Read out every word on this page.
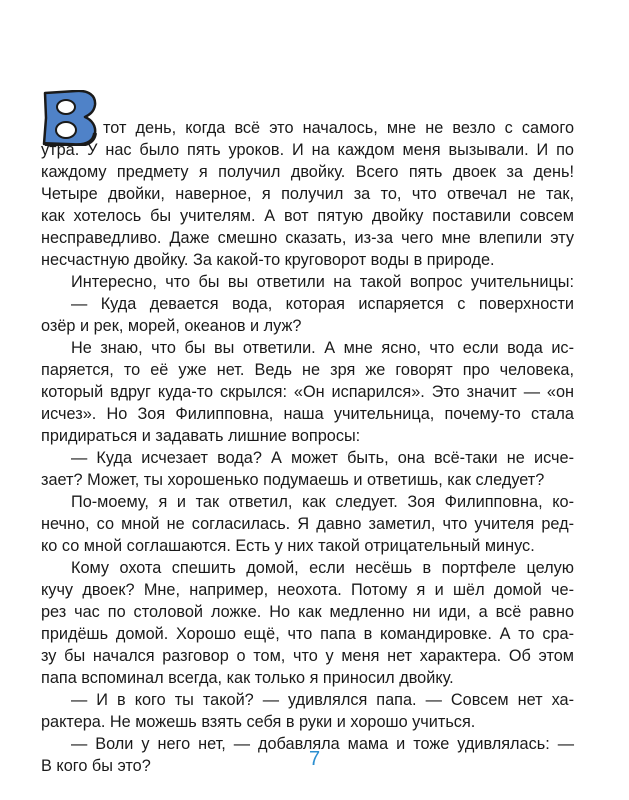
тот день, когда всё это началось, мне не везло с самого
утра. У нас было пять уроков. И на каждом меня вызывали. И по
каждому предмету я получил двойку. Всего пять двоек за день!
Четыре двойки, наверное, я получил за то, что отвечал не так,
как хотелось бы учителям. А вот пятую двойку поставили совсем
несправедливо. Даже смешно сказать, из-за чего мне влепили эту
несчастную двойку. За какой-то круговорот воды в природе.
Интересно, что бы вы ответили на такой вопрос учительницы:
— Куда девается вода, которая испаряется с поверхности
озёр и рек, морей, океанов и луж?
Не знаю, что бы вы ответили. А мне ясно, что если вода ис-
паряется, то её уже нет. Ведь не зря же говорят про человека,
который вдруг куда-то скрылся: «Он испарился». Это значит — «он
исчез». Но Зоя Филипповна, наша учительница, почему-то стала
придираться и задавать лишние вопросы:
— Куда исчезает вода? А может быть, она всё-таки не исче-
зает? Может, ты хорошенько подумаешь и ответишь, как следует?
По-моему, я и так ответил, как следует. Зоя Филипповна, ко-
нечно, со мной не согласилась. Я давно заметил, что учителя ред-
ко со мной соглашаются. Есть у них такой отрицательный минус.
Кому охота спешить домой, если несёшь в портфеле целую
кучу двоек? Мне, например, неохота. Потому я и шёл домой че-
рез час по столовой ложке. Но как медленно ни иди, а всё равно
придёшь домой. Хорошо ещё, что папа в командировке. А то сра-
зу бы начался разговор о том, что у меня нет характера. Об этом
папа вспоминал всегда, как только я приносил двойку.
— И в кого ты такой? — удивлялся папа. — Совсем нет ха-
рактера. Не можешь взять себя в руки и хорошо учиться.
— Воли у него нет, — добавляла мама и тоже удивлялась: —
В кого бы это?	7
